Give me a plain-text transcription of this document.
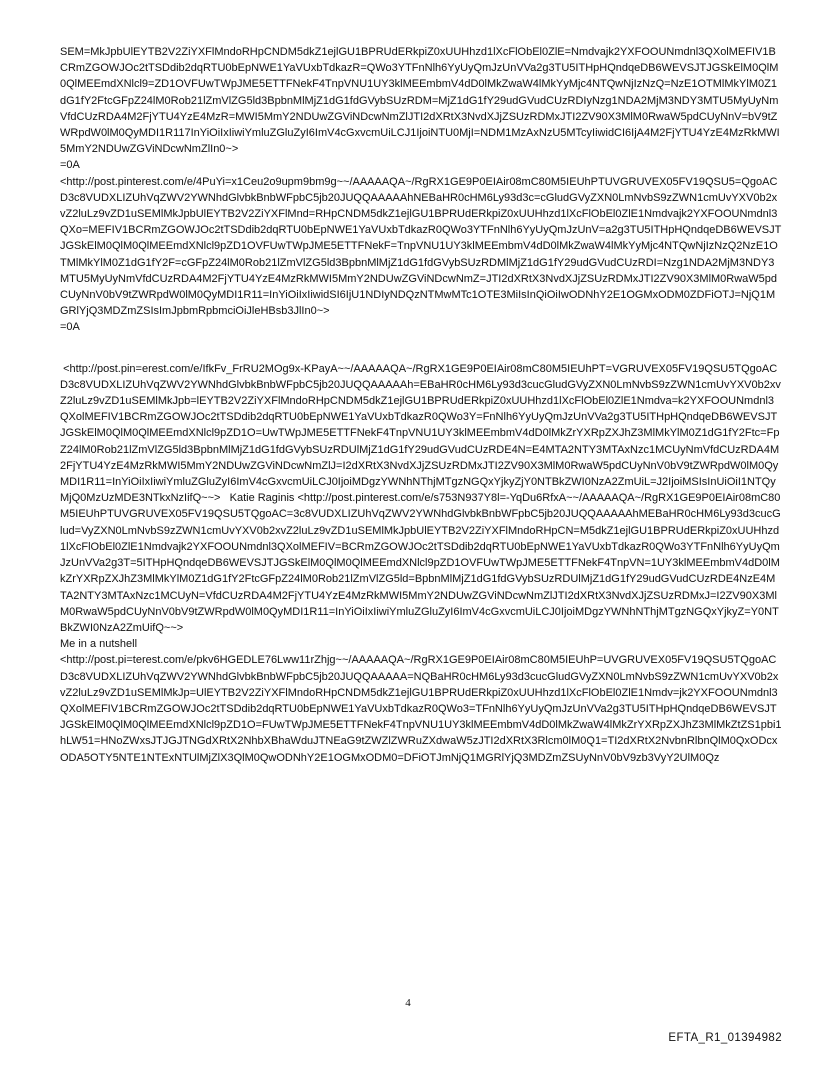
SEM=MkJpbUlEYTB2V2ZiYXFlMndoRHpCNDM5dkZ1ejlGU1BPRUdERkpiZ0xUUHhzd1lXcFlObEl0ZlE=Nmdvajk2YXFOOUNmdnl3QXolMEFIV1BCRmZGOWJOc2tTSDdib2dqRTU0bEpNWE1YaVUxbTdkazR=QWo3YTFnNlh6YyUyQmJzUnVVa2g3TU5ITHpHQndqeDB6WEVSJTJGSkElM0QlM0QlMEEmdXNlcl9=ZD1OVFUwTWpJME5ETTFNekF4TnpVNU1UY3klMEEmbmV4dD0lMkZwaW4lMkYyMjc4NTQwNjIzNzQ=NzE1OTMlMkYlM0Z1dG1fY2FtcGFpZ24lM0Rob21lZmVlZG5ld3BpbnMlMjZ1dG1fdGVybSUzRDM=MjZ1dG1fY29udGVudCUzRDIyNzg1NDA2MjM3NDY3MTU5MyUyNmVfdCUzRDA4M2FjYTU4YzE4MzR=MWI5MmY2NDUwZGViNDcwNmZlJTI2dXRtX3NvdXJjZSUzRDMxJTI2ZV90X3MlM0RwaW5pdCUyNnV=bV9tZWRpdW0lM0QyMDI1R117InYiOiIxIiwiYmluZGluZyI6ImV4cGxvcmUiLCJ1IjoiNTU0MjI=NDM1MzAxNzU5MTcyIiwidCI6IjA4M2FjYTU4YzE4MzRkMWI5MmY2NDUwZGViNDcwNmZlIn0~>

=0A

<http://post.pinterest.com/e/4PuYi=x1Ceu2o9upm9bm9g~~/AAAAAQA~/RgRX1GE9P0EIAir08mC80M5IEUhPTUVGRUVEX05FV19QSU5=QgoACD3c8VUDXLIZUhVqZWV2YWNhdGlvbkBnbWFpbC5jb20JUQQAAAAAhNEBaHR0cHM6Ly93d3c=cGludGVyZXN0LmNvbS9zZWN1cmUvYXV0b2xvZ2luLz9vZD1uSEMlMkJpbUlEYTB2V2ZiYXFlMnd=RHpCNDM5dkZ1ejlGU1BPRUdERkpiZ0xUUHhzd1lXcFlObEl0ZlE1Nmdvajk2YXFOOUNmdnl3QXo=MEFIV1BCRmZGOWJOc2tTSDdib2dqRTU0bEpNWE1YaVUxbTdkazR0QWo3YTFnNlh6YyUyQmJzUnV=a2g3TU5ITHpHQndqeDB6WEVSJTJGSkElM0QlM0QlMEEmdXNlcl9pZD1OVFUwTWpJME5ETTFNekF=TnpVNU1UY3klMEEmbmV4dD0lMkZwaW4lMkYyMjc4NTQwNjIzNzQ2NzE1OTMlMkYlM0Z1dG1fY2F=cGFpZ24lM0Rob21lZmVlZG5ld3BpbnMlMjZ1dG1fdGVybSUzRDMlMjZ1dG1fY29udGVudCUzRDI=Nzg1NDA2MjM3NDY3MTU5MyUyNmVfdCUzRDA4M2FjYTU4YzE4MzRkMWI5MmY2NDUwZGViNDcwNmZ=JTI2dXRtX3NvdXJjZSUzRDMxJTI2ZV90X3MlM0RwaW5pdCUyNnV0bV9tZWRpdW0lM0QyMDI1R11=InYiOiIxIiwidSI6IjU1NDIyNDQzNTMwMTc1OTE3MiIsInQiOiIwODNhY2E1OGMxODM0ZDFiOTJ=NjQ1MGRlYjQ3MDZmZSIsImJpbmRpbmciOiJleHBsb3JlIn0~>

=0A

<http://post.pin=erest.com/e/IfkFv_FrRU2MOg9x-KPayA~~/AAAAAQA~/RgRX1GE9P0EIAir08mC80M5IEUhPT=VGRUVEX05FV19QSU5TQgoACD3c8VUDXLIZUhVqZWV2YWNhdGlvbkBnbWFpbC5jb20JUQQAAAAAh=EBaHR0cHM6Ly93d3cucGludGVyZXN0LmNvbS9zZWN1cmUvYXV0b2xvZ2luLz9vZD1uSEMlMkJpb=lEYTB2V2ZiYXFlMndoRHpCNDM5dkZ1ejlGU1BPRUdERkpiZ0xUUHhzd1lXcFlObEl0ZlE1Nmdva=k2YXFOOUNmdnl3QXolMEFIV1BCRmZGOWJOc2tTSDdib2dqRTU0bEpNWE1YaVUxbTdkazR0QWo3Y=FnNlh6YyUyQmJzUnVVa2g3TU5ITHpHQndqeDB6WEVSJTJGSkElM0QlM0QlMEEmdXNlcl9pZD1O=UwTWpJME5ETTFNekF4TnpVNU1UY3klMEEmbmV4dD0lMkZrYXRpZXJhZ3MlMkYlM0Z1dG1fY2Ftc=FpZ24lM0Rob21lZmVlZG5ld3BpbnMlMjZ1dG1fdGVybSUzRDUlMjZ1dG1fY29udGVudCUzRDE4N=E4MTA2NTY3MTAxNzc1MCUyNmVfdCUzRDA4M2FjYTU4YzE4MzRkMWI5MmY2NDUwZGViNDcwNmZlJ=I2dXRtX3NvdXJjZSUzRDMxJTI2ZV90X3MlM0RwaW5pdCUyNnV0bV9tZWRpdW0lM0QyMDI1R11=InYiOiIxIiwiYmluZGluZyI6ImV4cGxvcmUiLCJ0IjoiMDgzYWNhNThjMTgzNGQxYjkyZjY0NTBkZWI0NzA2ZmUiL=J2IjoiMSIsInUiOiI1NTQyMjQ0MzUzMDE3NTkxNzIifQ~~>   Katie Raginis <http://post.pinterest.com/e/s753N937Y8l=-YqDu6RfxA~~/AAAAAQA~/RgRX1GE9P0EIAir08mC80M5IEUhPTUVGRUVEX05FV19QSU5TQgoAC=3c8VUDXLIZUhVqZWV2YWNhdGlvbkBnbWFpbC5jb20JUQQAAAAAhMEBaHR0cHM6Ly93d3cucGlud=VyZXN0LmNvbS9zZWN1cmUvYXV0b2xvZ2luLz9vZD1uSEMlMkJpbUlEYTB2V2ZiYXFlMndoRHpCN=M5dkZ1ejlGU1BPRUdERkpiZ0xUUHhzd1lXcFlObEl0ZlE1Nmdvajk2YXFOOUNmdnl3QXolMEFIV=BCRmZGOWJOc2tTSDdib2dqRTU0bEpNWE1YaVUxbTdkazR0QWo3YTFnNlh6YyUyQmJzUnVVa2g3T=5ITHpHQndqeDB6WEVSJTJGSkElM0QlM0QlMEEmdXNlcl9pZD1OVFUwTWpJME5ETTFNekF4TnpVN=1UY3klMEEmbmV4dD0lMkZrYXRpZXJhZ3MlMkYlM0Z1dG1fY2FtcGFpZ24lM0Rob21lZmVlZG5ld=BpbnMlMjZ1dG1fdGVybSUzRDUlMjZ1dG1fY29udGVudCUzRDE4NzE4MTA2NTY3MTAxNzc1MCUyN=VfdCUzRDA4M2FjYTU4YzE4MzRkMWI5MmY2NDUwZGViNDcwNmZlJTI2dXRtX3NvdXJjZSUzRDMxJ=I2ZV90X3MlM0RwaW5pdCUyNnV0bV9tZWRpdW0lM0QyMDI1R11=InYiOiIxIiwiYmluZGluZyI6ImV4cGxvcmUiLCJ0IjoiMDgzYWNhNThjMTgzNGQxYjkyZ=Y0NTBkZWI0NzA2ZmUifQ~~>

Me in a nutshell

<http://post.pi=terest.com/e/pkv6HGEDLE76Lww11rZhjg~~/AAAAAQA~/RgRX1GE9P0EIAir08mC80M5IEUhP=UVGRUVEX05FV19QSU5TQgoACD3c8VUDXLIZUhVqZWV2YWNhdGlvbkBnbWFpbC5jb20JUQQAAAAA=NQBaHR0cHM6Ly93d3cucGludGVyZXN0LmNvbS9zZWN1cmUvYXV0b2xvZ2luLz9vZD1uSEMlMkJp=UlEYTB2V2ZiYXFlMndoRHpCNDM5dkZ1ejlGU1BPRUdERkpiZ0xUUHhzd1lXcFlObEl0ZlE1Nmdv=jk2YXFOOUNmdnl3QXolMEFIV1BCRmZGOWJOc2tTSDdib2dqRTU0bEpNWE1YaVUxbTdkazR0QWo3=TFnNlh6YyUyQmJzUnVVa2g3TU5ITHpHQndqeDB6WEVSJTJGSkElM0QlM0QlMEEmdXNlcl9pZD1O=FUwTWpJME5ETTFNekF4TnpVNU1UY3klMEEmbmV4dD0lMkZwaW4lMkZrYXRpZXJhZ3MlMkZtZS1pbi1hLW51=HNoZWxsJTJGJTNGdXRtX2NhbXBhaWduJTNEaG9tZWZlZWRuZXdwaW5zJTI2dXRtX3Rlcm0lM0Q1=TI2dXRtX2NvbnRlbnQlM0QxODcxODA5OTY5NTE1NTExNTUlMjZlX3QlM0QwODNhY2E1OGMxODM0=DFiOTJmNjQ1MGRlYjQ3MDZmZSUyNnV0bV9zb3VyY2UlM0Qz

4
EFTA_R1_01394982
